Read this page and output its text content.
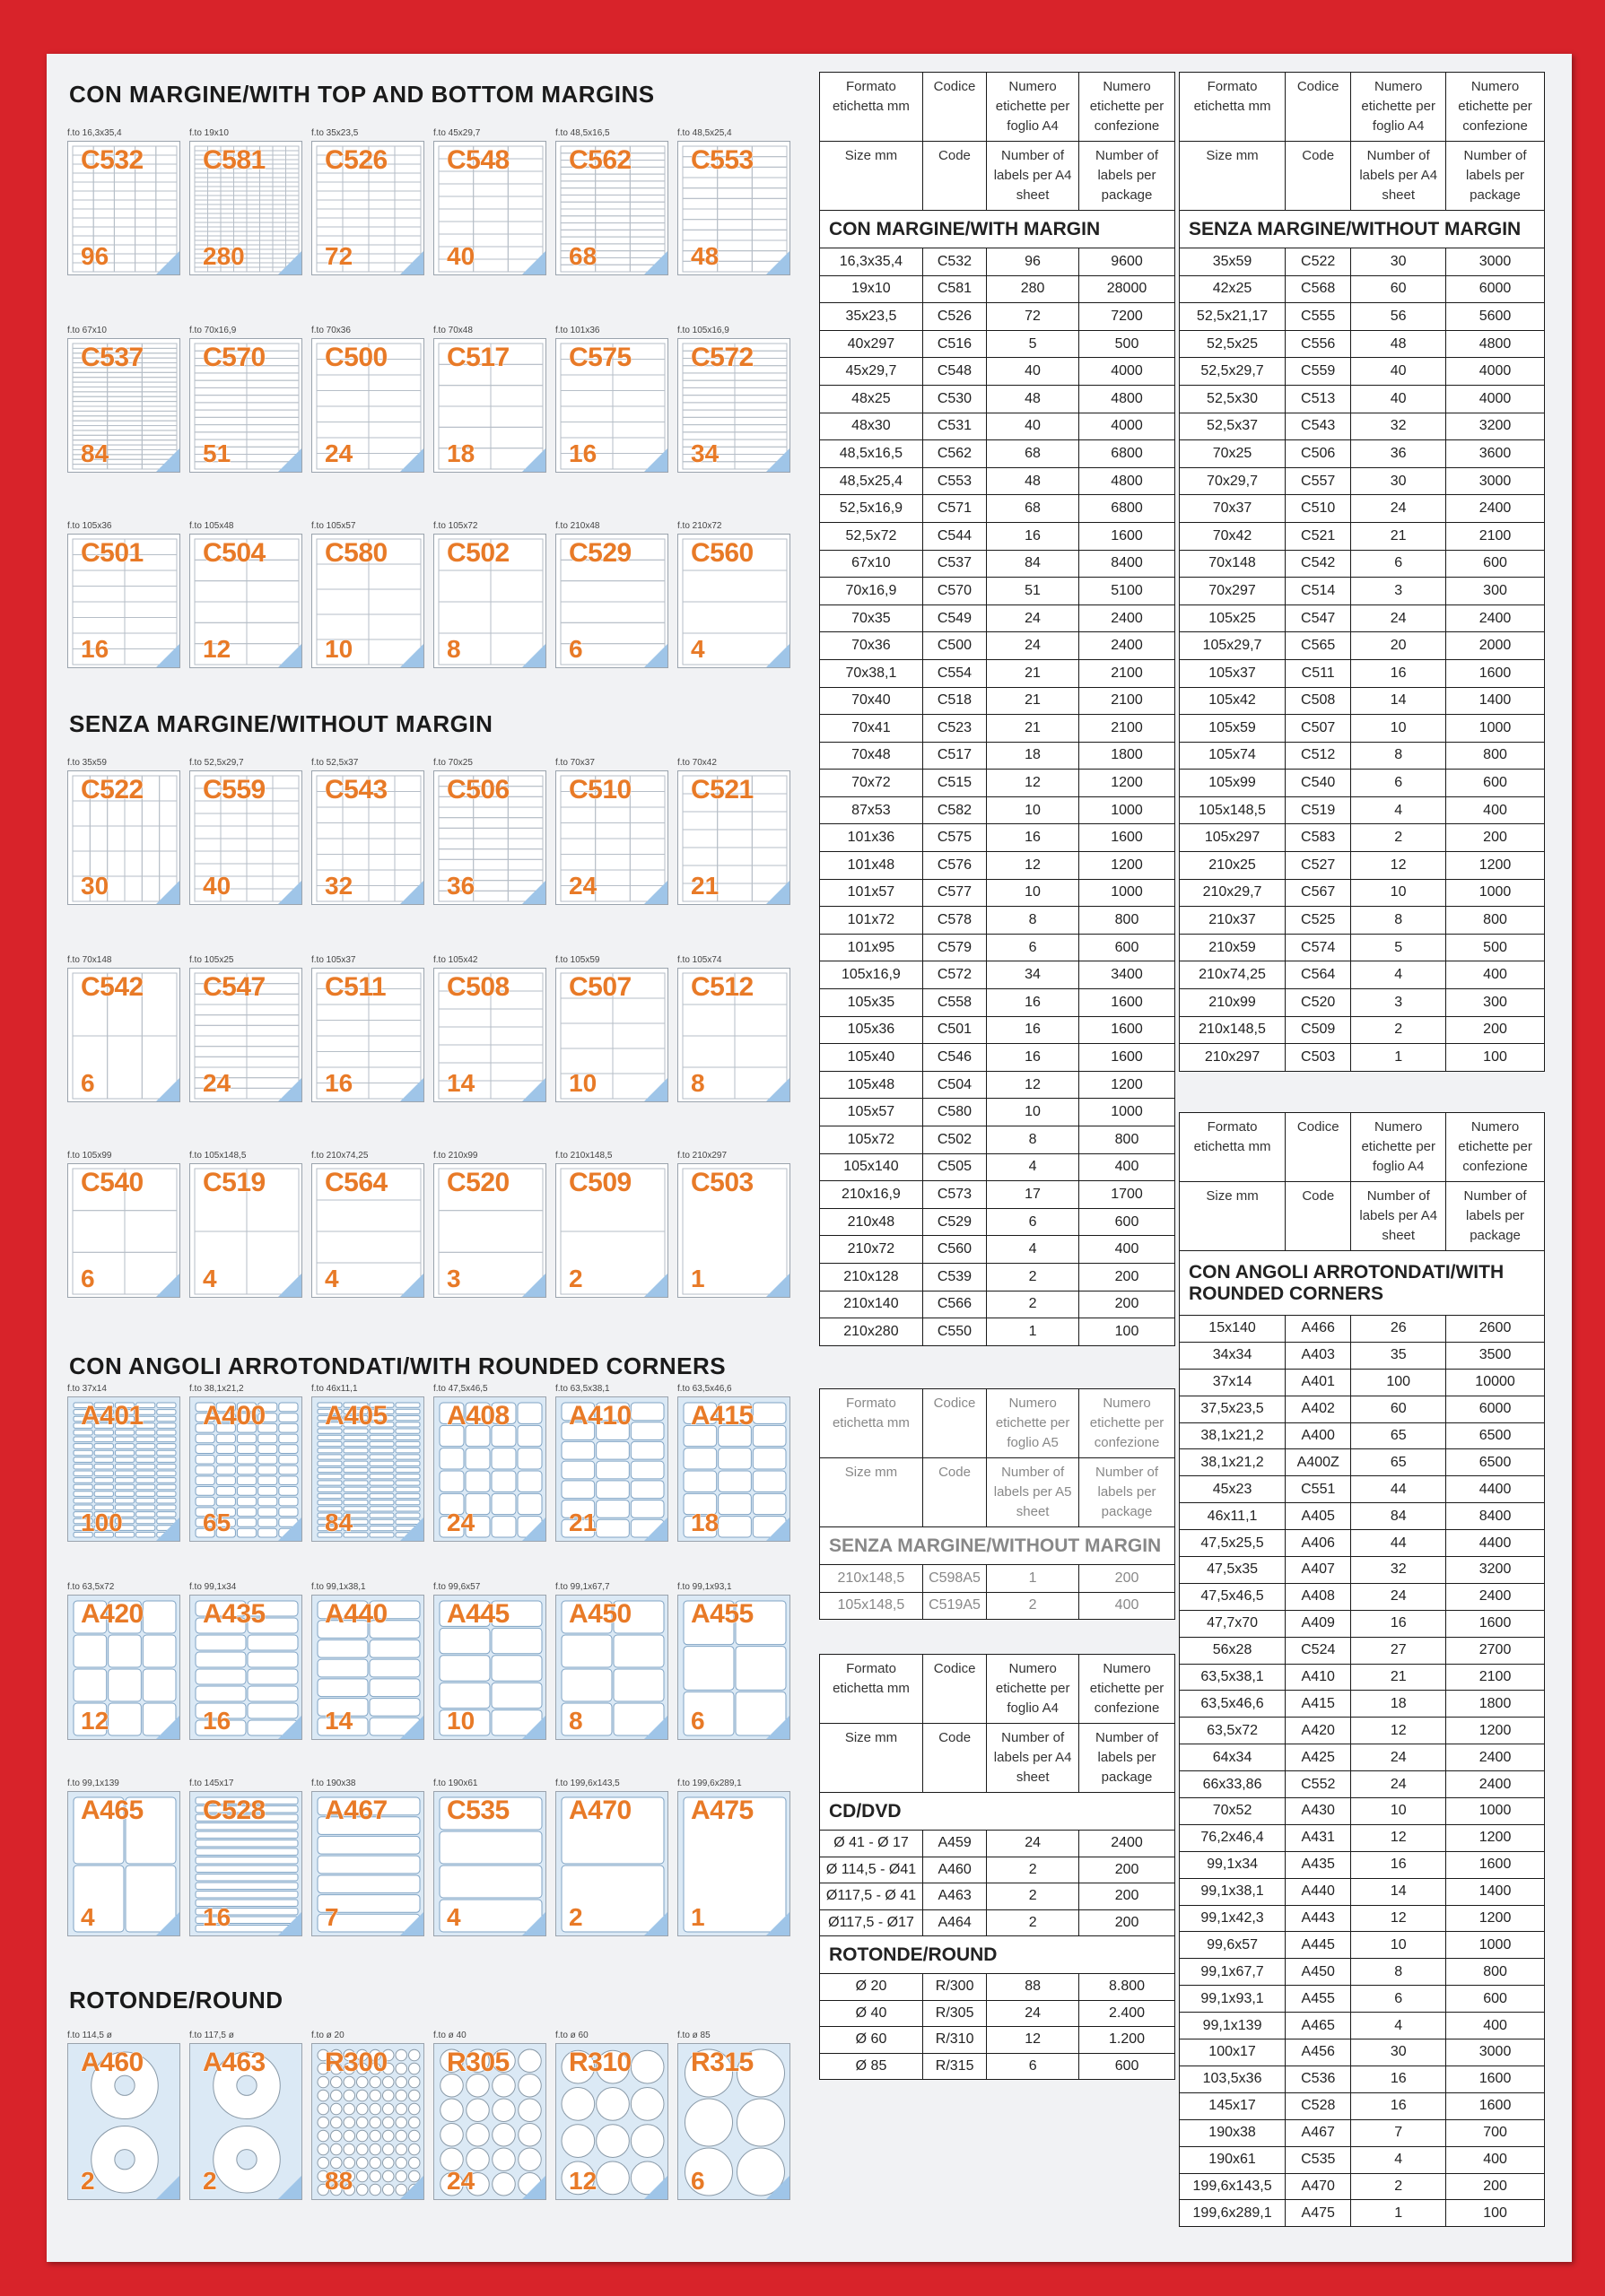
CON MARGINE/WITH TOP AND BOTTOM MARGINS
f.to 16,3x35,4
C532
96
f.to 19x10
C581
280
f.to 35x23,5
C526
72
f.to 45x29,7
C548
40
f.to 48,5x16,5
C562
68
f.to 48,5x25,4
C553
48
f.to 67x10
C537
84
f.to 70x16,9
C570
51
f.to 70x36
C500
24
f.to 70x48
C517
18
f.to 101x36
C575
16
f.to 105x16,9
C572
34
f.to 105x36
C501
16
f.to 105x48
C504
12
f.to 105x57
C580
10
f.to 105x72
C502
8
f.to 210x48
C529
6
f.to 210x72
C560
4
SENZA MARGINE/WITHOUT MARGIN
f.to 35x59
C522
30
f.to 52,5x29,7
C559
40
f.to 52,5x37
C543
32
f.to 70x25
C506
36
f.to 70x37
C510
24
f.to 70x42
C521
21
f.to 70x148
C542
6
f.to 105x25
C547
24
f.to 105x37
C511
16
f.to 105x42
C508
14
f.to 105x59
C507
10
f.to 105x74
C512
8
f.to 105x99
C540
6
f.to 105x148,5
C519
4
f.to 210x74,25
C564
4
f.to 210x99
C520
3
f.to 210x148,5
C509
2
f.to 210x297
C503
1
CON ANGOLI ARROTONDATI/WITH ROUNDED CORNERS
f.to 37x14
A401
100
f.to 38,1x21,2
A400
65
f.to 46x11,1
A405
84
f.to 47,5x46,5
A408
24
f.to 63,5x38,1
A410
21
f.to 63,5x46,6
A415
18
f.to 63,5x72
A420
12
f.to 99,1x34
A435
16
f.to 99,1x38,1
A440
14
f.to 99,6x57
A445
10
f.to 99,1x67,7
A450
8
f.to 99,1x93,1
A455
6
f.to 99,1x139
A465
4
f.to 145x17
C528
16
f.to 190x38
A467
7
f.to 190x61
C535
4
f.to 199,6x143,5
A470
2
f.to 199,6x289,1
A475
1
ROTONDE/ROUND
f.to 114,5 ø
A460
2
f.to 117,5 ø
A463
2
f.to ø 20
R300
88
f.to ø 40
R305
24
f.to ø 60
R310
12
f.to ø 85
R315
6
Formato etichetta mm	Codice	Numero etichette per foglio A4	Numero etichette per confezione
Size mm	Code	Number of labels per A4 sheet	Number of labels per package
CON MARGINE/WITH MARGIN			
16,3x35,4	C532	96	9600
19x10	C581	280	28000
35x23,5	C526	72	7200
40x297	C516	5	500
45x29,7	C548	40	4000
48x25	C530	48	4800
48x30	C531	40	4000
48,5x16,5	C562	68	6800
48,5x25,4	C553	48	4800
52,5x16,9	C571	68	6800
52,5x72	C544	16	1600
67x10	C537	84	8400
70x16,9	C570	51	5100
70x35	C549	24	2400
70x36	C500	24	2400
70x38,1	C554	21	2100
70x40	C518	21	2100
70x41	C523	21	2100
70x48	C517	18	1800
70x72	C515	12	1200
87x53	C582	10	1000
101x36	C575	16	1600
101x48	C576	12	1200
101x57	C577	10	1000
101x72	C578	8	800
101x95	C579	6	600
105x16,9	C572	34	3400
105x35	C558	16	1600
105x36	C501	16	1600
105x40	C546	16	1600
105x48	C504	12	1200
105x57	C580	10	1000
105x72	C502	8	800
105x140	C505	4	400
210x16,9	C573	17	1700
210x48	C529	6	600
210x72	C560	4	400
210x128	C539	2	200
210x140	C566	2	200
210x280	C550	1	100
Formato etichetta mm	Codice	Numero etichette per foglio A4	Numero etichette per confezione
Size mm	Code	Number of labels per A4 sheet	Number of labels per package
SENZA MARGINE/WITHOUT MARGIN			
35x59	C522	30	3000
42x25	C568	60	6000
52,5x21,17	C555	56	5600
52,5x25	C556	48	4800
52,5x29,7	C559	40	4000
52,5x30	C513	40	4000
52,5x37	C543	32	3200
70x25	C506	36	3600
70x29,7	C557	30	3000
70x37	C510	24	2400
70x42	C521	21	2100
70x148	C542	6	600
70x297	C514	3	300
105x25	C547	24	2400
105x29,7	C565	20	2000
105x37	C511	16	1600
105x42	C508	14	1400
105x59	C507	10	1000
105x74	C512	8	800
105x99	C540	6	600
105x148,5	C519	4	400
105x297	C583	2	200
210x25	C527	12	1200
210x29,7	C567	10	1000
210x37	C525	8	800
210x59	C574	5	500
210x74,25	C564	4	400
210x99	C520	3	300
210x148,5	C509	2	200
210x297	C503	1	100
Formato etichetta mm	Codice	Numero etichette per foglio A4	Numero etichette per confezione
Size mm	Code	Number of labels per A4 sheet	Number of labels per package
CON ANGOLI ARROTONDATI/WITH ROUNDED CORNERS			
15x140	A466	26	2600
34x34	A403	35	3500
37x14	A401	100	10000
37,5x23,5	A402	60	6000
38,1x21,2	A400	65	6500
38,1x21,2	A400Z	65	6500
45x23	C551	44	4400
46x11,1	A405	84	8400
47,5x25,5	A406	44	4400
47,5x35	A407	32	3200
47,5x46,5	A408	24	2400
47,7x70	A409	16	1600
56x28	C524	27	2700
63,5x38,1	A410	21	2100
63,5x46,6	A415	18	1800
63,5x72	A420	12	1200
64x34	A425	24	2400
66x33,86	C552	24	2400
70x52	A430	10	1000
76,2x46,4	A431	12	1200
99,1x34	A435	16	1600
99,1x38,1	A440	14	1400
99,1x42,3	A443	12	1200
99,6x57	A445	10	1000
99,1x67,7	A450	8	800
99,1x93,1	A455	6	600
99,1x139	A465	4	400
100x17	A456	30	3000
103,5x36	C536	16	1600
145x17	C528	16	1600
190x38	A467	7	700
190x61	C535	4	400
199,6x143,5	A470	2	200
199,6x289,1	A475	1	100
Formato etichetta mm	Codice	Numero etichette per foglio A5	Numero etichette per confezione
Size mm	Code	Number of labels per A5 sheet	Number of labels per package
SENZA MARGINE/WITHOUT MARGIN			
210x148,5	C598A5	1	200
105x148,5	C519A5	2	400
Formato etichetta mm	Codice	Numero etichette per foglio A4	Numero etichette per confezione
Size mm	Code	Number of labels per A4 sheet	Number of labels per package
CD/DVD			
Ø 41 - Ø 17	A459	24	2400
Ø 114,5 - Ø41	A460	2	200
Ø117,5 - Ø 41	A463	2	200
Ø117,5 - Ø17	A464	2	200
ROTONDE/ROUND			
Ø 20	R/300	88	8.800
Ø 40	R/305	24	2.400
Ø 60	R/310	12	1.200
Ø 85	R/315	6	600
